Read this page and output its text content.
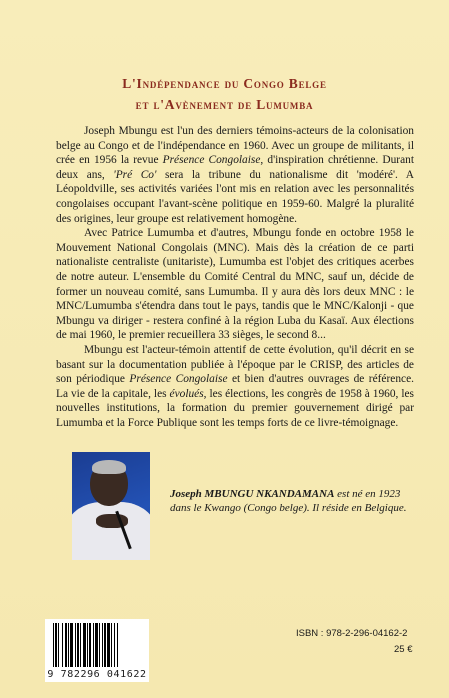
L'Indépendance du Congo Belge
et l'Avènement de Lumumba

Joseph Mbungu est l'un des derniers témoins-acteurs de la colonisation belge au Congo et de l'indépendance en 1960. Avec un groupe de militants, il crée en 1956 la revue Présence Congolaise, d'inspiration chrétienne. Durant deux ans, 'Pré Co' sera la tribune du nationalisme dit 'modéré'. A Léopoldville, ses activités variées l'ont mis en relation avec les personnalités congolaises occupant l'avant-scène politique en 1959-60. Malgré la pluralité des origines, leur groupe est relativement homogène.

Avec Patrice Lumumba et d'autres, Mbungu fonde en octobre 1958 le Mouvement National Congolais (MNC). Mais dès la création de ce parti nationaliste centraliste (unitariste), Lumumba est l'objet des critiques acerbes de notre auteur. L'ensemble du Comité Central du MNC, sauf un, décide de former un nouveau comité, sans Lumumba. Il y aura dès lors deux MNC : le MNC/Lumumba s'étendra dans tout le pays, tandis que le MNC/Kalonji - que Mbungu va diriger - restera confiné à la région Luba du Kasaï. Aux élections de mai 1960, le premier recueillera 33 sièges, le second 8...

Mbungu est l'acteur-témoin attentif de cette évolution, qu'il décrit en se basant sur la documentation publiée à l'époque par le CRISP, des articles de son périodique Présence Congolaise et bien d'autres ouvrages de référence. La vie de la capitale, les évolués, les élections, les congrès de 1958 à 1960, les nouvelles institutions, la formation du premier gouvernement dirigé par Lumumba et la Force Publique sont les temps forts de ce livre-témoignage.

Joseph MBUNGU NKANDAMANA est né en 1923 dans le Kwango (Congo belge). Il réside en Belgique.
9 782296 041622
ISBN : 978-2-296-04162-2
25 €
